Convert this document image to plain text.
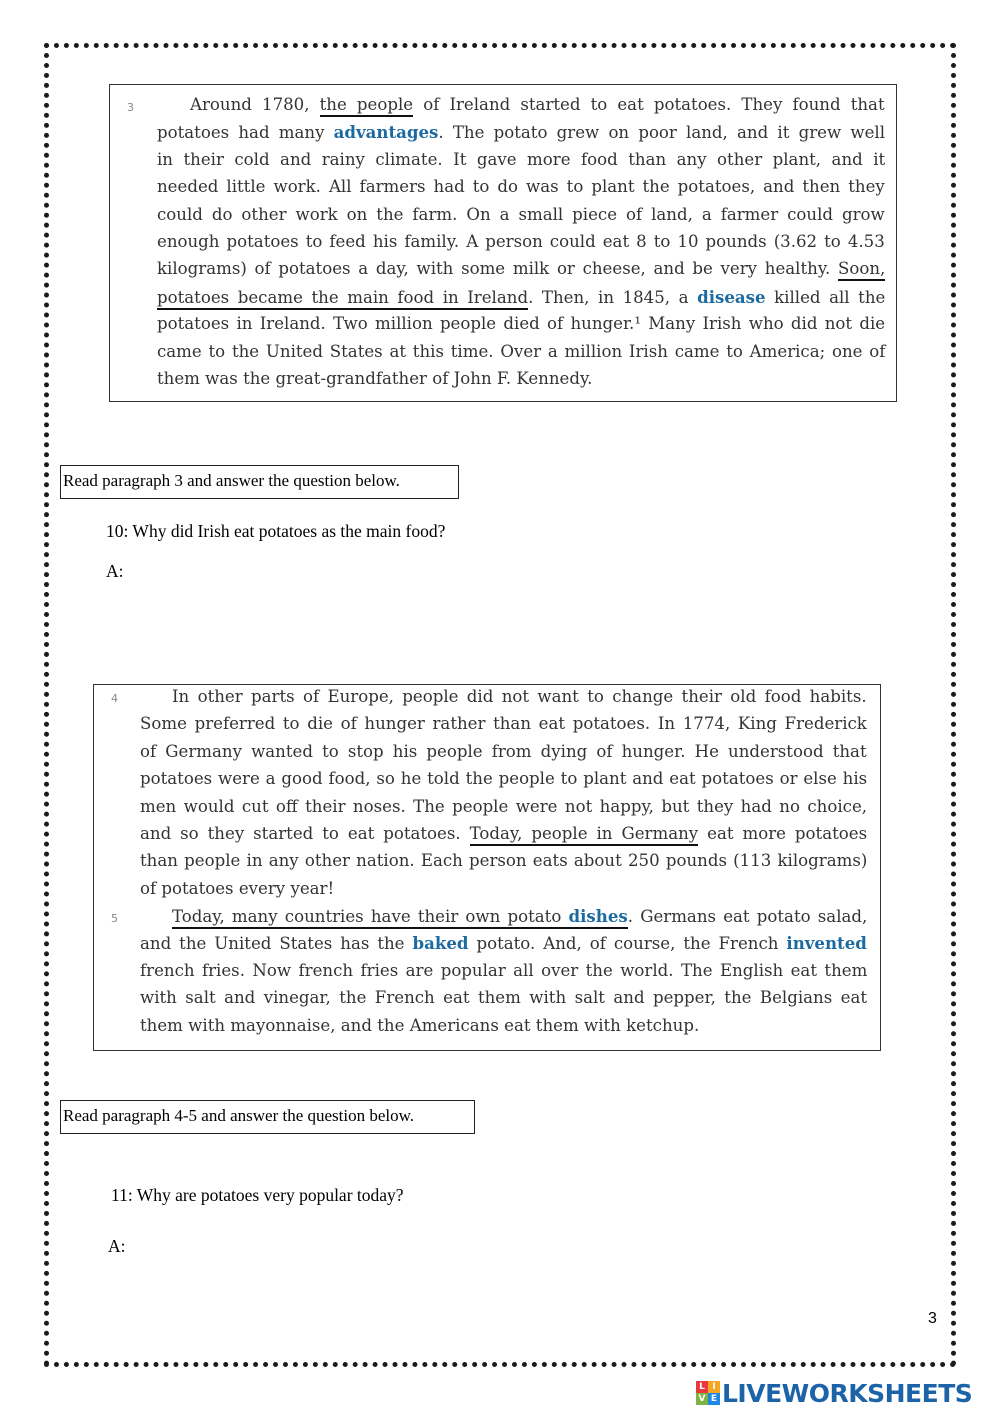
3	Around 1780, the people of Ireland started to eat potatoes. They found that
potatoes had many advantages. The potato grew on poor land, and it grew well
in their cold and rainy climate. It gave more food than any other plant, and it
needed little work. All farmers had to do was to plant the potatoes, and then they
could do other work on the farm. On a small piece of land, a farmer could grow
enough potatoes to feed his family. A person could eat 8 to 10 pounds (3.62 to 4.53
kilograms) of potatoes a day, with some milk or cheese, and be very healthy. Soon,
potatoes became the main food in Ireland. Then, in 1845, a disease killed all the
potatoes in Ireland. Two million people died of hunger.¹ Many Irish who did not die
came to the United States at this time. Over a million Irish came to America; one of
them was the great-grandfather of John F. Kennedy.
Read paragraph 3 and answer the question below.
10: Why did Irish eat potatoes as the main food?
A:
4
5
In other parts of Europe, people did not want to change their old food habits.
Some preferred to die of hunger rather than eat potatoes. In 1774, King Frederick
of Germany wanted to stop his people from dying of hunger. He understood that
potatoes were a good food, so he told the people to plant and eat potatoes or else his
men would cut off their noses. The people were not happy, but they had no choice,
and so they started to eat potatoes. Today, people in Germany eat more potatoes
than people in any other nation. Each person eats about 250 pounds (113 kilograms)
of potatoes every year!
Today, many countries have their own potato dishes. Germans eat potato salad,
and the United States has the baked potato. And, of course, the French invented
french fries. Now french fries are popular all over the world. The English eat them
with salt and vinegar, the French eat them with salt and pepper, the Belgians eat
them with mayonnaise, and the Americans eat them with ketchup.
Read paragraph 4-5 and answer the question below.
11: Why are potatoes very popular today?
A:
3
L I
V E LIVEWORKSHEETS
